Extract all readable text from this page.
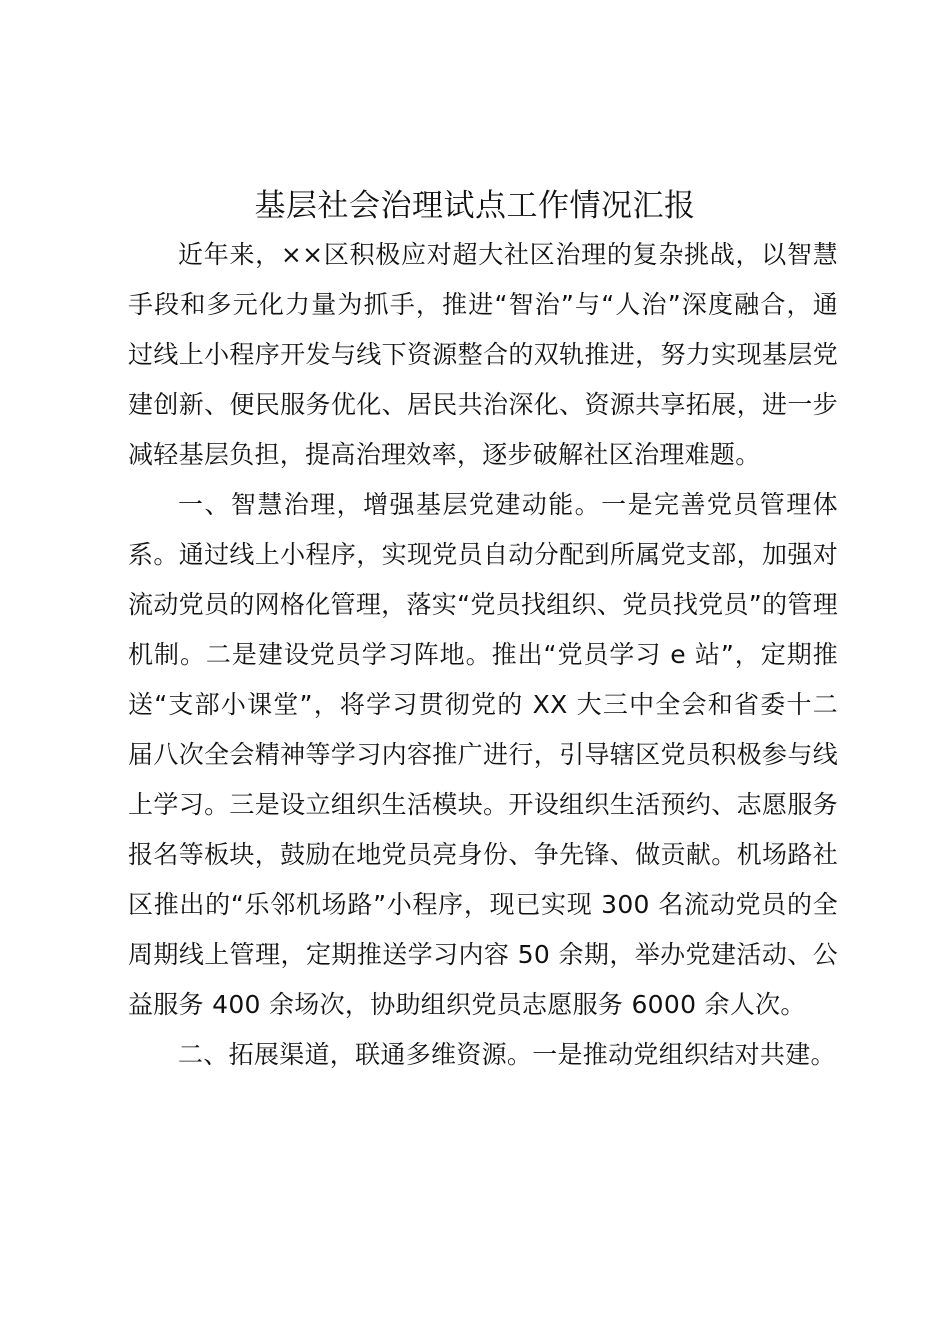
基层社会治理试点工作情况汇报

近年来，××区积极应对超大社区治理的复杂挑战，以智慧手段和多元化力量为抓手，推进“智治”与“人治”深度融合，通过线上小程序开发与线下资源整合的双轨推进，努力实现基层党建创新、便民服务优化、居民共治深化、资源共享拓展，进一步减轻基层负担，提高治理效率，逐步破解社区治理难题。

一、智慧治理，增强基层党建动能。一是完善党员管理体系。通过线上小程序，实现党员自动分配到所属党支部，加强对流动党员的网格化管理，落实“党员找组织、党员找党员”的管理机制。二是建设党员学习阵地。推出“党员学习 e 站”，定期推送“支部小课堂”，将学习贯彻党的 XX 大三中全会和省委十二届八次全会精神等学习内容推广进行，引导辖区党员积极参与线上学习。三是设立组织生活模块。开设组织生活预约、志愿服务报名等板块，鼓励在地党员亮身份、争先锋、做贡献。机场路社区推出的“乐邻机场路”小程序，现已实现 300 名流动党员的全周期线上管理，定期推送学习内容 50 余期，举办党建活动、公益服务 400 余场次，协助组织党员志愿服务 6000 余人次。

二、拓展渠道，联通多维资源。一是推动党组织结对共建。
